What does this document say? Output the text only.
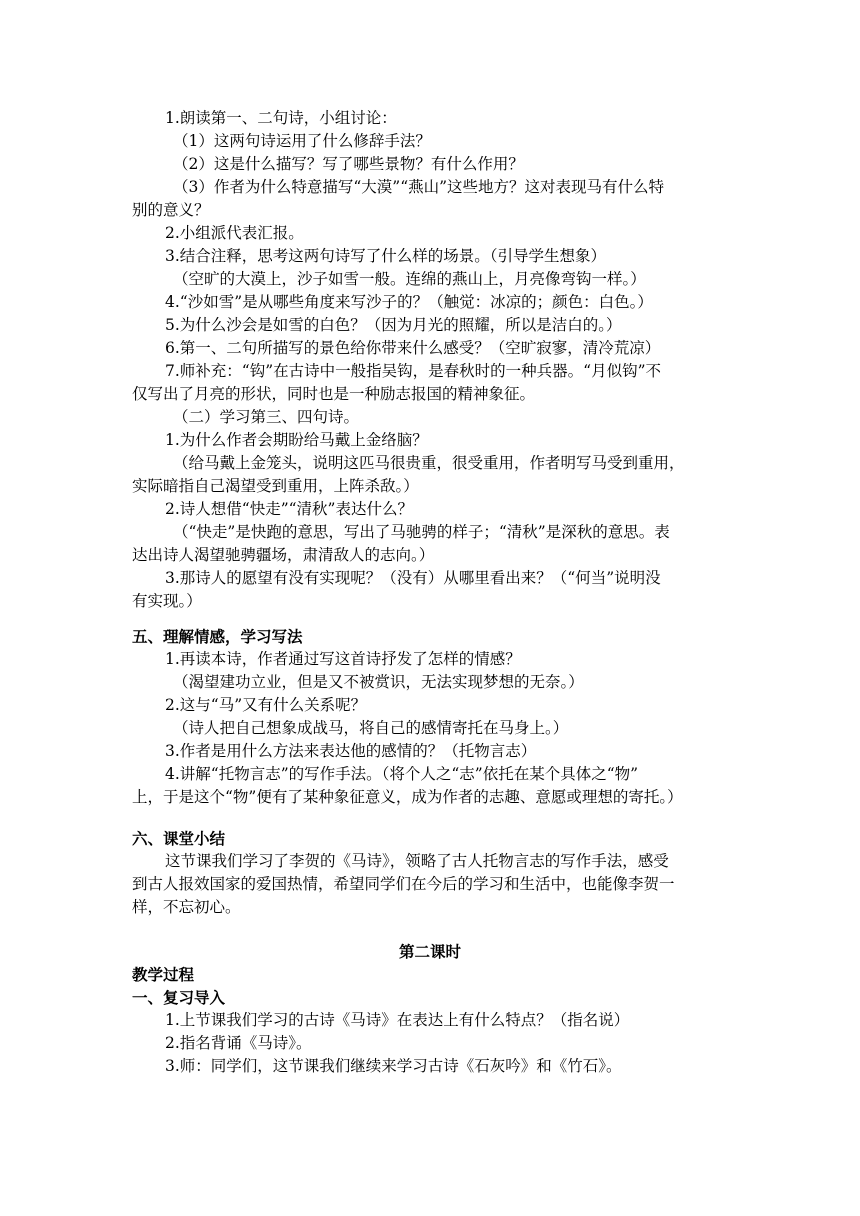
1.朗读第一、二句诗，小组讨论：
（1）这两句诗运用了什么修辞手法？
（2）这是什么描写？写了哪些景物？有什么作用？
（3）作者为什么特意描写“大漠”“燕山”这些地方？这对表现马有什么特
别的意义？
2.小组派代表汇报。
3.结合注释，思考这两句诗写了什么样的场景。（引导学生想象）
（空旷的大漠上，沙子如雪一般。连绵的燕山上，月亮像弯钩一样。）
4.“沙如雪”是从哪些角度来写沙子的？（触觉：冰凉的；颜色：白色。）
5.为什么沙会是如雪的白色？（因为月光的照耀，所以是洁白的。）
6.第一、二句所描写的景色给你带来什么感受？（空旷寂寥，清冷荒凉）
7.师补充：“钩”在古诗中一般指吴钩，是春秋时的一种兵器。“月似钩”不
仅写出了月亮的形状，同时也是一种励志报国的精神象征。
（二）学习第三、四句诗。
1.为什么作者会期盼给马戴上金络脑？
（给马戴上金笼头，说明这匹马很贵重，很受重用，作者明写马受到重用，
实际暗指自己渴望受到重用，上阵杀敌。）
2.诗人想借“快走”“清秋”表达什么？
（“快走”是快跑的意思，写出了马驰骋的样子；“清秋”是深秋的意思。表
达出诗人渴望驰骋疆场，肃清敌人的志向。）
3.那诗人的愿望有没有实现呢？（没有）从哪里看出来？（“何当”说明没
有实现。）
五、理解情感，学习写法
1.再读本诗，作者通过写这首诗抒发了怎样的情感？
（渴望建功立业，但是又不被赏识，无法实现梦想的无奈。）
2.这与“马”又有什么关系呢？
（诗人把自己想象成战马，将自己的感情寄托在马身上。）
3.作者是用什么方法来表达他的感情的？（托物言志）
4.讲解“托物言志”的写作手法。（将个人之“志”依托在某个具体之“物”
上，于是这个“物”便有了某种象征意义，成为作者的志趣、意愿或理想的寄托。）
六、课堂小结
这节课我们学习了李贺的《马诗》，领略了古人托物言志的写作手法，感受
到古人报效国家的爱国热情，希望同学们在今后的学习和生活中，也能像李贺一
样，不忘初心。
第二课时
教学过程
一、复习导入
1.上节课我们学习的古诗《马诗》在表达上有什么特点？（指名说）
2.指名背诵《马诗》。
3.师：同学们，这节课我们继续来学习古诗《石灰吟》和《竹石》。
